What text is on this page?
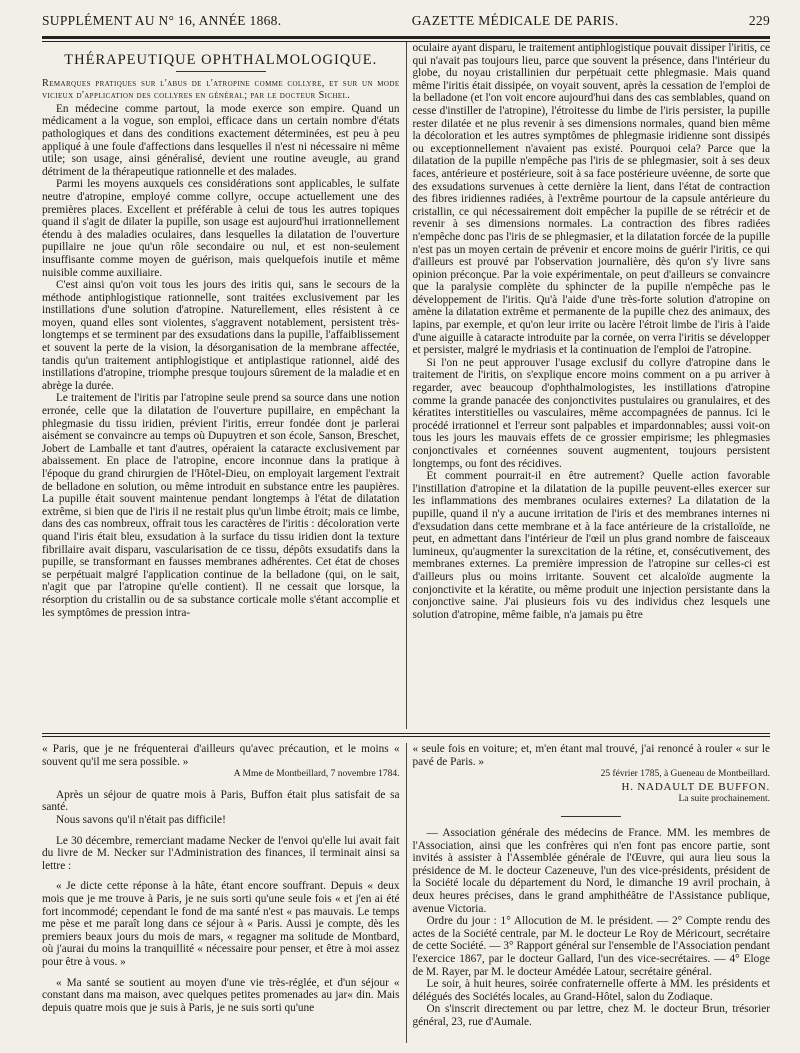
SUPPLÉMENT AU N° 16, ANNÉE 1868.	GAZETTE MÉDICALE DE PARIS.	229
THÉRAPEUTIQUE OPHTHALMOLOGIQUE.

Remarques pratiques sur l'abus de l'atropine comme collyre, et sur un mode vicieux d'application des collyres en général; par le docteur Sichel.

En médecine comme partout, la mode exerce son empire. Quand un médicament a la vogue, son emploi, efficace dans un certain nombre d'états pathologiques et dans des conditions exactement déterminées, est peu à peu appliqué à une foule d'affections dans lesquelles il n'est ni nécessaire ni même utile; son usage, ainsi généralisé, devient une routine aveugle, au grand détriment de la thérapeutique rationnelle et des malades.

Parmi les moyens auxquels ces considérations sont applicables, le sulfate neutre d'atropine, employé comme collyre, occupe actuellement une des premières places. Excellent et préférable à celui de tous les autres topiques quand il s'agit de dilater la pupille, son usage est aujourd'hui irrationnellement étendu à des maladies oculaires, dans lesquelles la dilatation de l'ouverture pupillaire ne joue qu'un rôle secondaire ou nul, et est non-seulement insuffisante comme moyen de guérison, mais quelquefois inutile et même nuisible comme auxiliaire.

C'est ainsi qu'on voit tous les jours des iritis qui, sans le secours de la méthode antiphlogistique rationnelle, sont traitées exclusivement par les instillations d'une solution d'atropine. Naturellement, elles résistent à ce moyen, quand elles sont violentes, s'aggravent notablement, persistent très-longtemps et se terminent par des exsudations dans la pupille, l'affaiblissement et souvent la perte de la vision, la désorganisation de la membrane affectée, tandis qu'un traitement antiphlogistique et antiplastique rationnel, aidé des instillations d'atropine, triomphe presque toujours sûrement de la maladie et en abrège la durée.

Le traitement de l'iritis par l'atropine seule prend sa source dans une notion erronée, celle que la dilatation de l'ouverture pupillaire, en empêchant la phlegmasie du tissu iridien, prévient l'iritis, erreur fondée dont je parlerai aisément se convaincre au temps où Dupuytren et son école, Sanson, Breschet, Jobert de Lamballe et tant d'autres, opéraient la cataracte exclusivement par abaissement. En place de l'atropine, encore inconnue dans la pratique à l'époque du grand chirurgien de l'Hôtel-Dieu, on employait largement l'extrait de belladone en solution, ou même introduit en substance entre les paupières. La pupille était souvent maintenue pendant longtemps à l'état de dilatation extrême, si bien que de l'iris il ne restait plus qu'un limbe étroit; mais ce limbe, dans des cas nombreux, offrait tous les caractères de l'iritis : décoloration verte quand l'iris était bleu, exsudation à la surface du tissu iridien dont la texture fibrillaire avait disparu, vascularisation de ce tissu, dépôts exsudatifs dans la pupille, se transformant en fausses membranes adhérentes. Cet état de choses se perpétuait malgré l'application continue de la belladone (qui, on le sait, n'agit que par l'atropine qu'elle contient). Il ne cessait que lorsque, la résorption du cristallin ou de sa substance corticale molle s'étant accomplie et les symptômes de pression intra-

oculaire ayant disparu, le traitement antiphlogistique pouvait dissiper l'iritis, ce qui n'avait pas toujours lieu, parce que souvent la présence, dans l'intérieur du globe, du noyau cristallinien dur perpétuait cette phlegmasie. Mais quand même l'iritis était dissipée, on voyait souvent, après la cessation de l'emploi de la belladone (et l'on voit encore aujourd'hui dans des cas semblables, quand on cesse d'instiller de l'atropine), l'étroitesse du limbe de l'iris persister, la pupille rester dilatée et ne plus revenir à ses dimensions normales, quand bien même la décoloration et les autres symptômes de phlegmasie iridienne sont dissipés ou exceptionnellement n'avaient pas existé. Pourquoi cela? Parce que la dilatation de la pupille n'empêche pas l'iris de se phlegmasier, soit à ses deux faces, antérieure et postérieure, soit à sa face postérieure uvéenne, de sorte que des exsudations survenues à cette dernière la lient, dans l'état de contraction des fibres iridiennes radiées, à l'extrême pourtour de la capsule antérieure du cristallin, ce qui nécessairement doit empêcher la pupille de se rétrécir et de revenir à ses dimensions normales. La contraction des fibres radiées n'empêche donc pas l'iris de se phlegmasier, et la dilatation forcée de la pupille n'est pas un moyen certain de prévenir et encore moins de guérir l'iritis, ce qui d'ailleurs est prouvé par l'observation journalière, dès qu'on s'y livre sans opinion préconçue. Par la voie expérimentale, on peut d'ailleurs se convaincre que la paralysie complète du sphincter de la pupille n'empêche pas le développement de l'iritis. Qu'à l'aide d'une très-forte solution d'atropine on amène la dilatation extrême et permanente de la pupille chez des animaux, des lapins, par exemple, et qu'on leur irrite ou lacère l'étroit limbe de l'iris à l'aide d'une aiguille à cataracte introduite par la cornée, on verra l'iritis se développer et persister, malgré le mydriasis et la continuation de l'emploi de l'atropine.

Si l'on ne peut approuver l'usage exclusif du collyre d'atropine dans le traitement de l'iritis, on s'explique encore moins comment on a pu arriver à regarder, avec beaucoup d'ophthalmologistes, les instillations d'atropine comme la grande panacée des conjonctivites pustulaires ou granulaires, et des kératites interstitielles ou vasculaires, même accompagnées de pannus. Ici le procédé irrationnel et l'erreur sont palpables et impardonnables; aussi voit-on tous les jours les mauvais effets de ce grossier empirisme; les phlegmasies conjonctivales et cornéennes souvent augmentent, toujours persistent longtemps, ou font des récidives.

Et comment pourrait-il en être autrement? Quelle action favorable l'instillation d'atropine et la dilatation de la pupille peuvent-elles exercer sur les inflammations des membranes oculaires externes? La dilatation de la pupille, quand il n'y a aucune irritation de l'iris et des membranes internes ni d'exsudation dans cette membrane et à la face antérieure de la cristalloïde, ne peut, en admettant dans l'intérieur de l'œil un plus grand nombre de faisceaux lumineux, qu'augmenter la surexcitation de la rétine, et, consécutivement, des membranes externes. La première impression de l'atropine sur celles-ci est d'ailleurs plus ou moins irritante. Souvent cet alcaloïde augmente la conjonctivite et la kératite, ou même produit une injection persistante dans la conjonctive saine. J'ai plusieurs fois vu des individus chez lesquels une solution d'atropine, même faible, n'a jamais pu être

« Paris, que je ne fréquenterai d'ailleurs qu'avec précaution, et le moins « souvent qu'il me sera possible. »

A Mme de Montbeillard, 7 novembre 1784.

Après un séjour de quatre mois à Paris, Buffon était plus satisfait de sa santé.

Nous savons qu'il n'était pas difficile!

Le 30 décembre, remerciant madame Necker de l'envoi qu'elle lui avait fait du livre de M. Necker sur l'Administration des finances, il terminait ainsi sa lettre :

« Je dicte cette réponse à la hâte, étant encore souffrant. Depuis « deux mois que je me trouve à Paris, je ne suis sorti qu'une seule fois « et j'en ai été fort incommodé; cependant le fond de ma santé n'est « pas mauvais. Le temps me pèse et me paraît long dans ce séjour à « Paris. Aussi je compte, dès les premiers beaux jours du mois de mars, « regagner ma solitude de Montbard, où j'aurai du moins la tranquillité « nécessaire pour penser, et être à moi assez pour être à vous. »

« Ma santé se soutient au moyen d'une vie très-réglée, et d'un séjour « constant dans ma maison, avec quelques petites promenades au jar« din. Mais depuis quatre mois que je suis à Paris, je ne suis sorti qu'une

« seule fois en voiture; et, m'en étant mal trouvé, j'ai renoncé à rouler « sur le pavé de Paris. »

25 février 1785, à Gueneau de Montbeillard.

H. NADAULT DE BUFFON.

La suite prochainement.

— Association générale des médecins de France. MM. les membres de l'Association, ainsi que les confrères qui n'en font pas encore partie, sont invités à assister à l'Assemblée générale de l'Œuvre, qui aura lieu sous la présidence de M. le docteur Cazeneuve, l'un des vice-présidents, président de la Société locale du département du Nord, le dimanche 19 avril prochain, à deux heures précises, dans le grand amphithéâtre de l'Assistance publique, avenue Victoria.

Ordre du jour : 1° Allocution de M. le président. — 2° Compte rendu des actes de la Société centrale, par M. le docteur Le Roy de Méricourt, secrétaire de cette Société. — 3° Rapport général sur l'ensemble de l'Association pendant l'exercice 1867, par le docteur Gallard, l'un des vice-secrétaires. — 4° Eloge de M. Rayer, par M. le docteur Amédée Latour, secrétaire général.

Le soir, à huit heures, soirée confraternelle offerte à MM. les présidents et délégués des Sociétés locales, au Grand-Hôtel, salon du Zodiaque.

On s'inscrit directement ou par lettre, chez M. le docteur Brun, trésorier général, 23, rue d'Aumale.
